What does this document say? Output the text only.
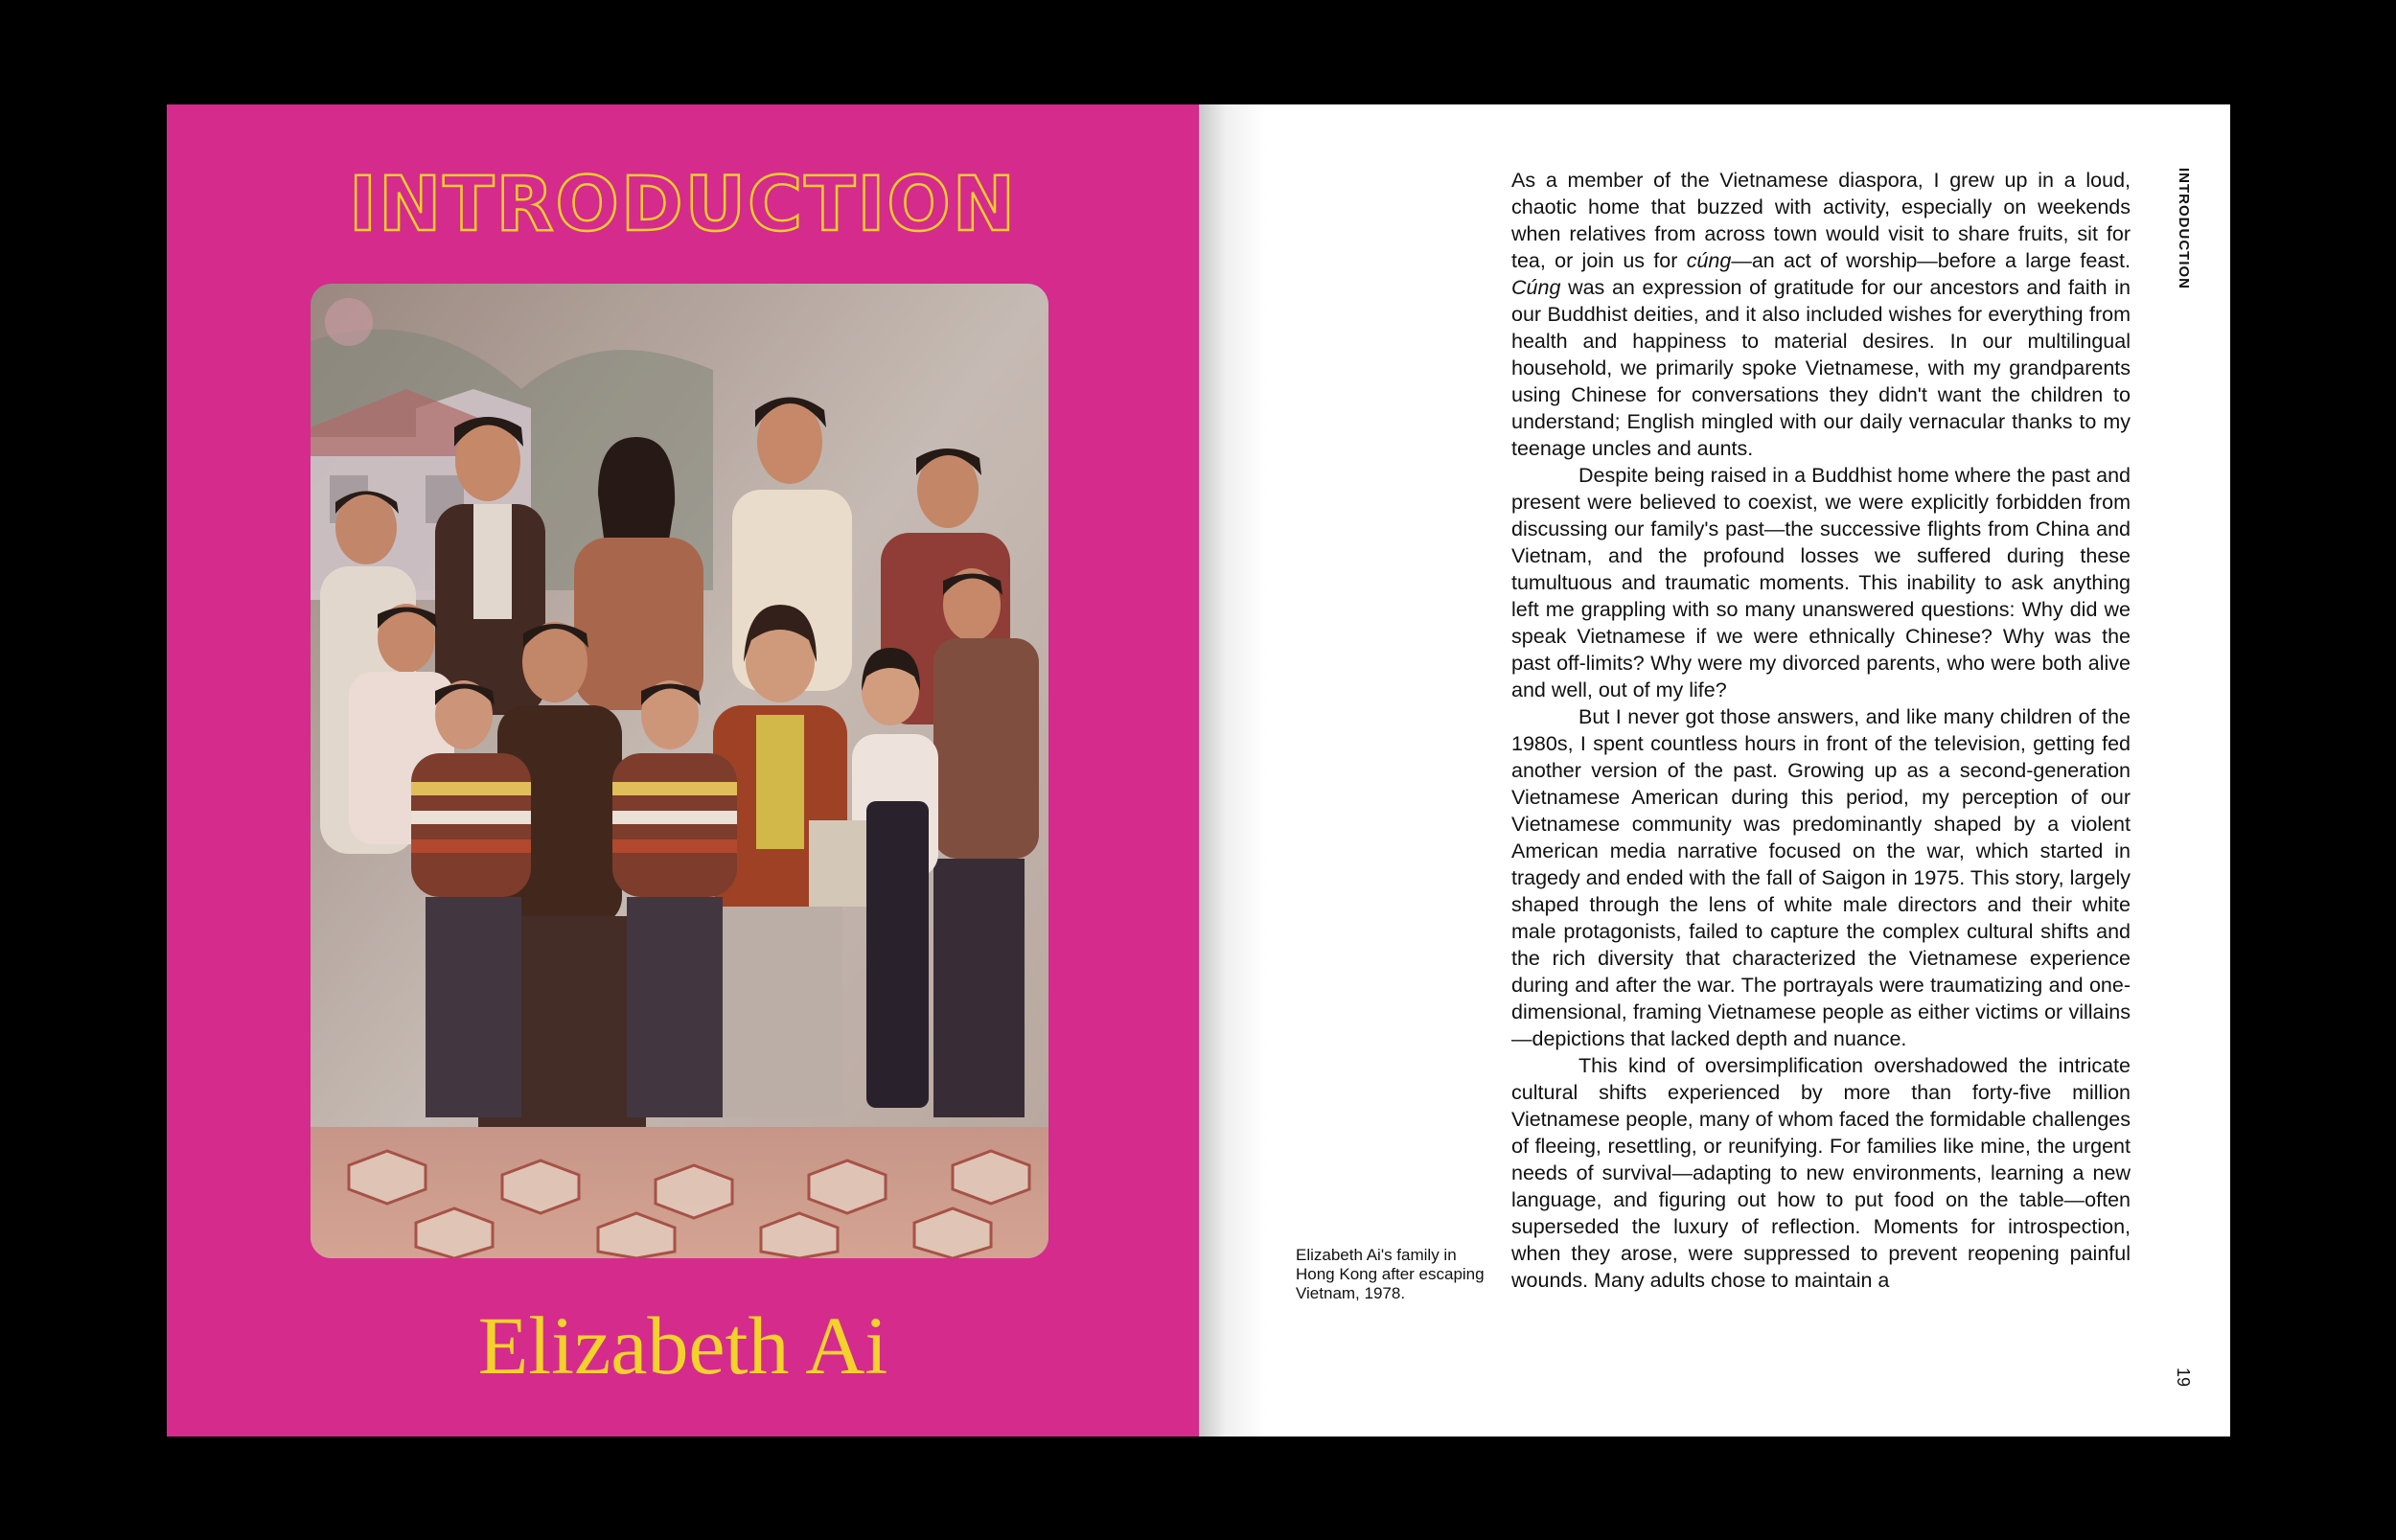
INTRODUCTION
Elizabeth Ai
Elizabeth Ai's family in Hong Kong after escaping Vietnam, 1978.

As a member of the Vietnamese diaspora, I grew up in a loud, chaotic home that buzzed with activity, especially on weekends when relatives from across town would visit to share fruits, sit for tea, or join us for cúng—an act of worship—before a large feast. Cúng was an expression of gratitude for our ancestors and faith in our Buddhist deities, and it also included wishes for everything from health and happiness to material desires. In our multilingual household, we primarily spoke Vietnamese, with my grandparents using Chinese for conversations they didn't want the children to understand; English mingled with our daily vernacular thanks to my teenage uncles and aunts.

Despite being raised in a Buddhist home where the past and present were believed to coexist, we were explicitly forbidden from discussing our family's past—the successive flights from China and Vietnam, and the profound losses we suffered during these tumultuous and traumatic moments. This inability to ask anything left me grappling with so many unanswered questions: Why did we speak Vietnamese if we were ethnically Chinese? Why was the past off-limits? Why were my divorced parents, who were both alive and well, out of my life?

But I never got those answers, and like many children of the 1980s, I spent countless hours in front of the television, getting fed another version of the past. Growing up as a second-generation Vietnamese American during this period, my perception of our Vietnamese community was predominantly shaped by a violent American media narrative focused on the war, which started in tragedy and ended with the fall of Saigon in 1975. This story, largely shaped through the lens of white male directors and their white male protagonists, failed to capture the complex cultural shifts and the rich diversity that characterized the Vietnamese experience during and after the war. The portrayals were traumatizing and one-dimensional, framing Vietnamese people as either victims or villains—depictions that lacked depth and nuance.

This kind of oversimplification overshadowed the intricate cultural shifts experienced by more than forty-five million Vietnamese people, many of whom faced the formidable challenges of fleeing, resettling, or reunifying. For families like mine, the urgent needs of survival—adapting to new environments, learning a new language, and figuring out how to put food on the table—often superseded the luxury of reflection. Moments for introspection, when they arose, were suppressed to prevent reopening painful wounds. Many adults chose to maintain a

INTRODUCTION
19
